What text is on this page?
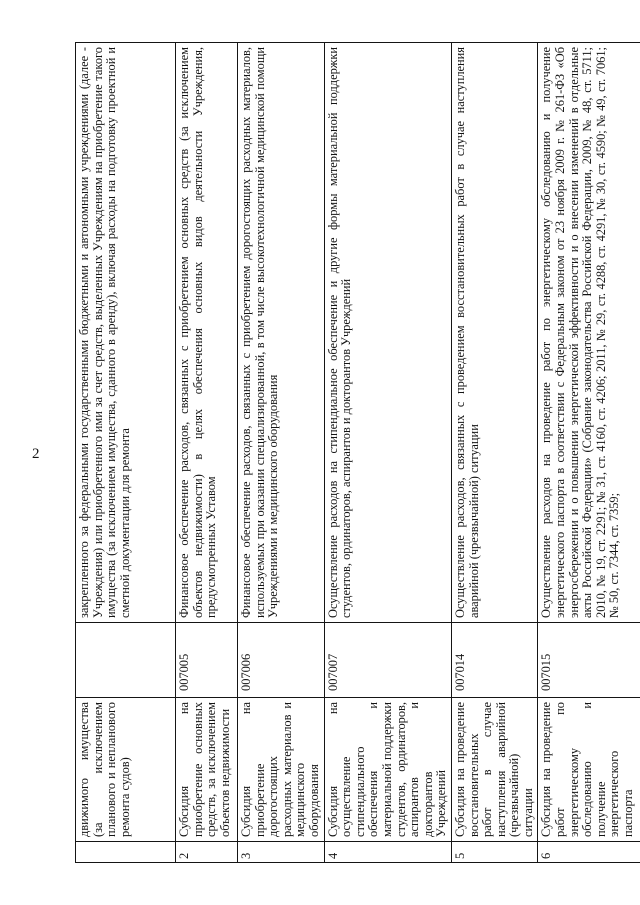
2
	движимого имущества (за исключением планового и непланового ремонта судов)		закрепленного за федеральными государственными бюджетными и автономными учреждениями (далее - Учреждения) или приобретенного ими за счет средств, выделенных Учреждениям на приобретение такого имущества (за исключением имущества, сданного в аренду), включая расходы на подготовку проектной и сметной документации для ремонта
2	Субсидия на приобретение основных средств, за исключением объектов недвижимости	007005	Финансовое обеспечение расходов, связанных с приобретением основных средств (за исключением объектов недвижимости) в целях обеспечения основных видов деятельности Учреждения, предусмотренных Уставом
3	Субсидия на приобретение дорогостоящих расходных материалов и медицинского оборудования	007006	Финансовое обеспечение расходов, связанных с приобретением дорогостоящих расходных материалов, используемых при оказании специализированной, в том числе высокотехнологичной медицинской помощи Учреждениями и медицинского оборудования
4	Субсидия на осуществление стипендиального обеспечения и материальной поддержки студентов, ординаторов, аспирантов и докторантов Учреждений	007007	Осуществление расходов на стипендиальное обеспечение и другие формы материальной поддержки студентов, ординаторов, аспирантов и докторантов Учреждений
5	Субсидия на проведение восстановительных работ в случае наступления аварийной (чрезвычайной) ситуации	007014	Осуществление расходов, связанных с проведением восстановительных работ в случае наступления аварийной (чрезвычайной) ситуации
6	Субсидия на проведение работ по энергетическому обследованию и получение энергетического паспорта	007015	Осуществление расходов на проведение работ по энергетическому обследованию и получение энергетического паспорта в соответствии с Федеральным законом от 23 ноября 2009 г. № 261-ФЗ «Об энергосбережении и о повышении энергетической эффективности и о внесении изменений в отдельные акты Российской Федерации» (Собрание законодательства Российской Федерации, 2009, № 48, ст. 5711; 2010, № 19, ст. 2291; № 31, ст. 4160, ст. 4206; 2011, № 29, ст. 4288, ст. 4291, № 30, ст. 4590; № 49, ст. 7061; № 50, ст. 7344, ст. 7359;
